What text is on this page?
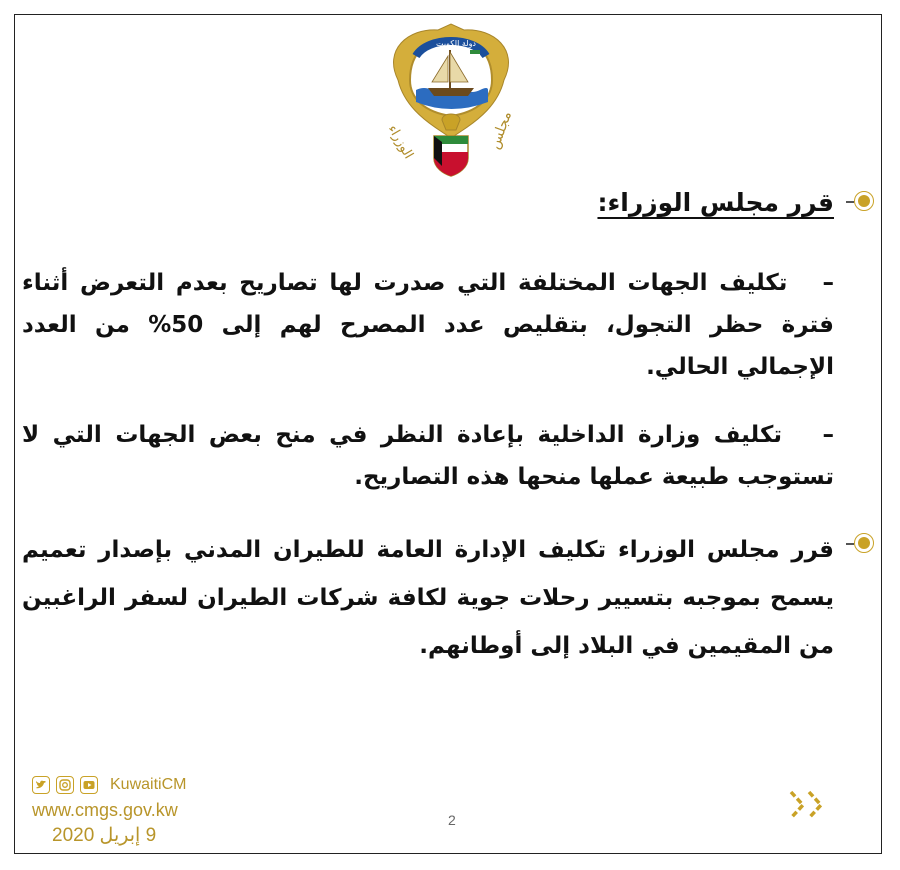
مجلس
الوزراء
دولة الكويت
قرر مجلس الوزراء:

–   تكليف الجهات المختلفة التي صدرت لها تصاريح بعدم التعرض أثناء فترة حظر التجول، بتقليص عدد المصرح لهم إلى 50% من العدد الإجمالي الحالي.

–   تكليف وزارة الداخلية بإعادة النظر في منح بعض الجهات التي لا تستوجب طبيعة عملها منحها هذه التصاريح.

قرر مجلس الوزراء تكليف الإدارة العامة للطيران المدني بإصدار تعميم يسمح بموجبه بتسيير رحلات جوية لكافة شركات الطيران لسفر الراغبين من المقيمين في البلاد إلى أوطانهم.

KuwaitiCM
www.cmgs.gov.kw
9 إبريل 2020
2
